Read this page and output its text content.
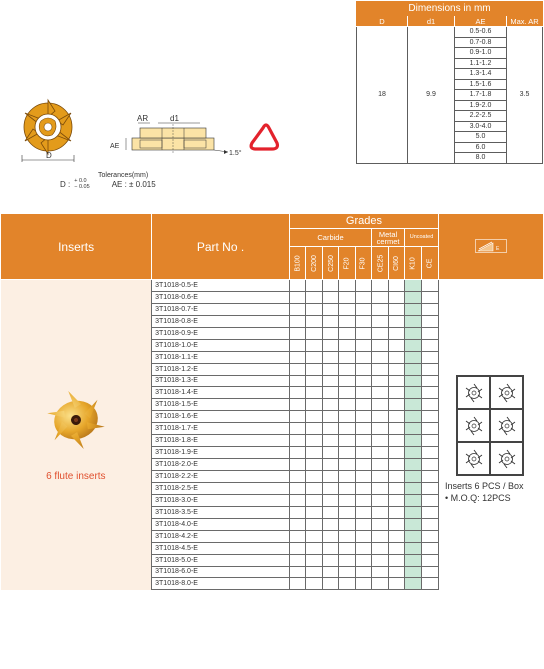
D
AR	d1
AE
1.5°
Tolerances(mm)
D : + 0.0
− 0.05	AE : ± 0.015
Dimensions in mm			
D	d1	AE	Max. AR
18	9.9	0.5-0.6	3.5
		0.7-0.8	
		0.9-1.0	
		1.1-1.2	
		1.3-1.4	
		1.5-1.6	
		1.7-1.8	
		1.9-2.0	
		2.2-2.5	
		3.0-4.0	
		5.0	
		6.0	
		8.0	
Inserts	Part No .	Grades									E

		Carbide					Metal cermet		Uncoated		
		B100	C200	C250	F20	F30	CE25	CI60	K10	CE	

6 flute inserts	3T1018-0.5-E										Inserts 6 PCS / Box
• M.O.Q: 12PCS

	3T1018-0.6-E										
	3T1018-0.7-E										
	3T1018-0.8-E										
	3T1018-0.9-E										
	3T1018-1.0-E										
	3T1018-1.1-E										
	3T1018-1.2-E										
	3T1018-1.3-E										
	3T1018-1.4-E										
	3T1018-1.5-E										
	3T1018-1.6-E										
	3T1018-1.7-E										
	3T1018-1.8-E										
	3T1018-1.9-E										
	3T1018-2.0-E										
	3T1018-2.2-E										
	3T1018-2.5-E										
	3T1018-3.0-E										
	3T1018-3.5-E										
	3T1018-4.0-E										
	3T1018-4.2-E										
	3T1018-4.5-E										
	3T1018-5.0-E										
	3T1018-6.0-E										
	3T1018-8.0-E										
